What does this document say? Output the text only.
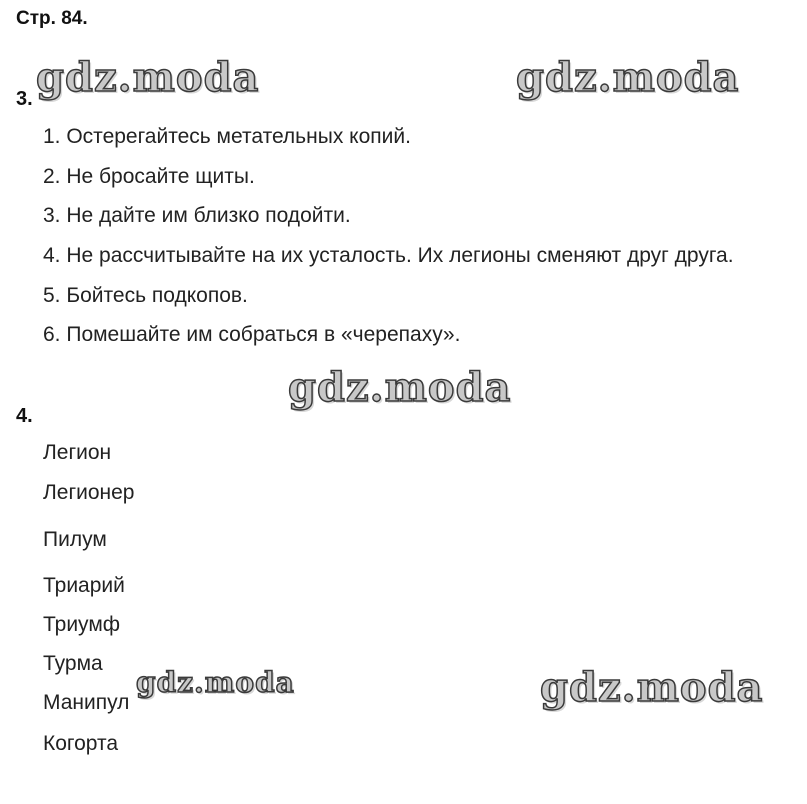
Стр. 84.
gdz.moda	gdz.moda
3.
1. Остерегайтесь метательных копий.
2. Не бросайте щиты.
3. Не дайте им близко подойти.
4. Не рассчитывайте на их усталость. Их легионы сменяют друг друга.
5. Бойтесь подкопов.
6. Помешайте им собраться в «черепаху».
gdz.moda
4.
Легион
Легионер
Пилум
Триарий
Триумф
Турма
Манипул
Когорта
gdz.moda	gdz.moda
